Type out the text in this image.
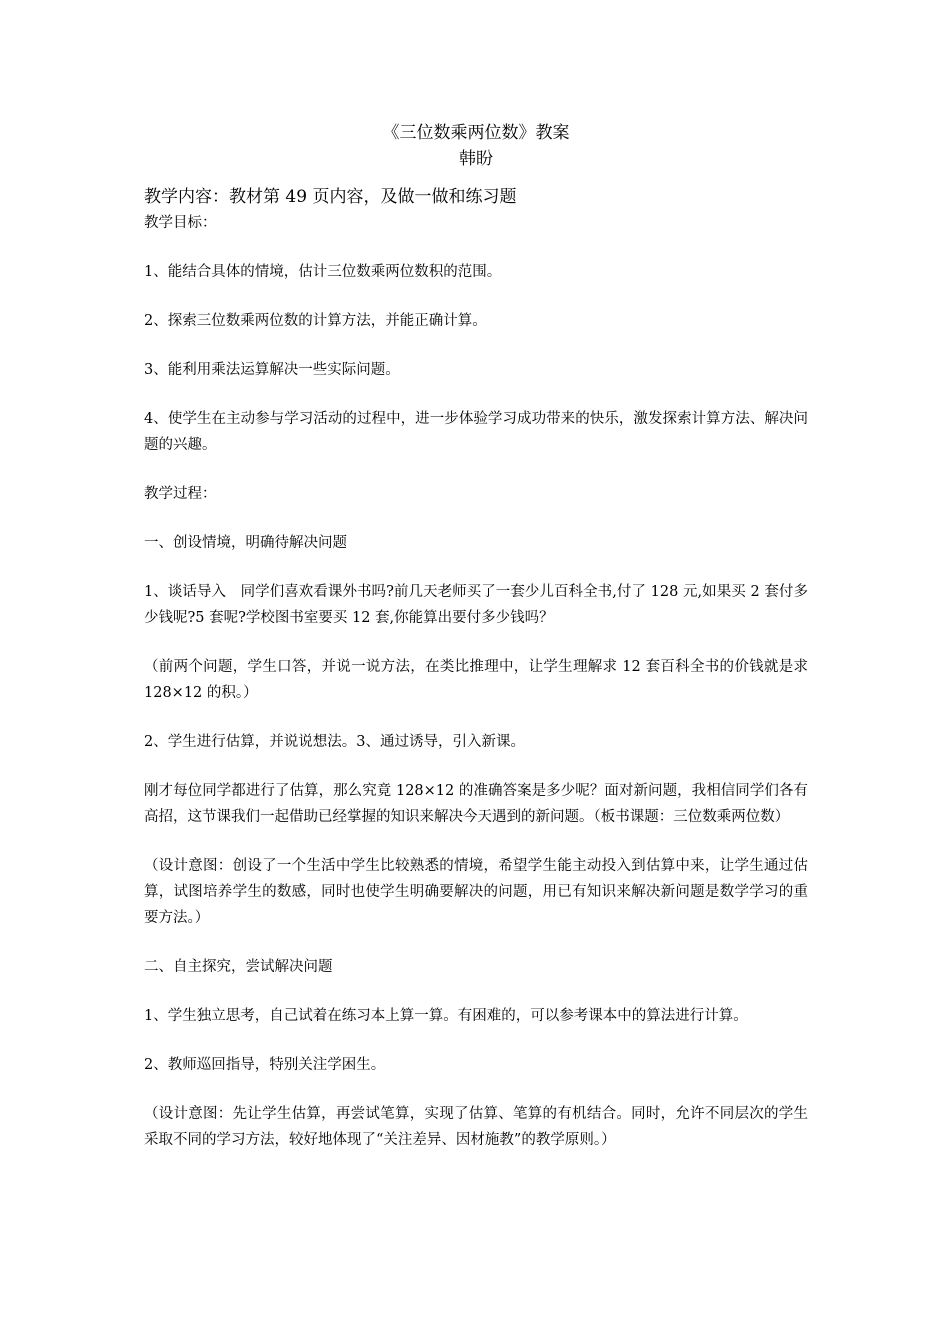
《三位数乘两位数》教案

韩盼

教学内容：教材第 49 页内容，及做一做和练习题

教学目标：

1、能结合具体的情境，估计三位数乘两位数积的范围。

2、探索三位数乘两位数的计算方法，并能正确计算。

3、能利用乘法运算解决一些实际问题。

4、使学生在主动参与学习活动的过程中，进一步体验学习成功带来的快乐，激发探索计算方法、解决问题的兴趣。

教学过程：

一、创设情境，明确待解决问题

1、谈话导入　同学们喜欢看课外书吗?前几天老师买了一套少儿百科全书,付了 128 元,如果买 2 套付多少钱呢?5 套呢?学校图书室要买 12 套,你能算出要付多少钱吗？

（前两个问题，学生口答，并说一说方法，在类比推理中，让学生理解求 12 套百科全书的价钱就是求 128×12 的积。）

2、学生进行估算，并说说想法。3、通过诱导，引入新课。

刚才每位同学都进行了估算，那么究竟 128×12 的准确答案是多少呢？面对新问题，我相信同学们各有高招，这节课我们一起借助已经掌握的知识来解决今天遇到的新问题。（板书课题：三位数乘两位数）

（设计意图：创设了一个生活中学生比较熟悉的情境，希望学生能主动投入到估算中来，让学生通过估算，试图培养学生的数感，同时也使学生明确要解决的问题，用已有知识来解决新问题是数学学习的重要方法。）

二、自主探究，尝试解决问题

1、学生独立思考，自己试着在练习本上算一算。有困难的，可以参考课本中的算法进行计算。

2、教师巡回指导，特别关注学困生。

（设计意图：先让学生估算，再尝试笔算，实现了估算、笔算的有机结合。同时，允许不同层次的学生采取不同的学习方法，较好地体现了“关注差异、因材施教”的教学原则。）
